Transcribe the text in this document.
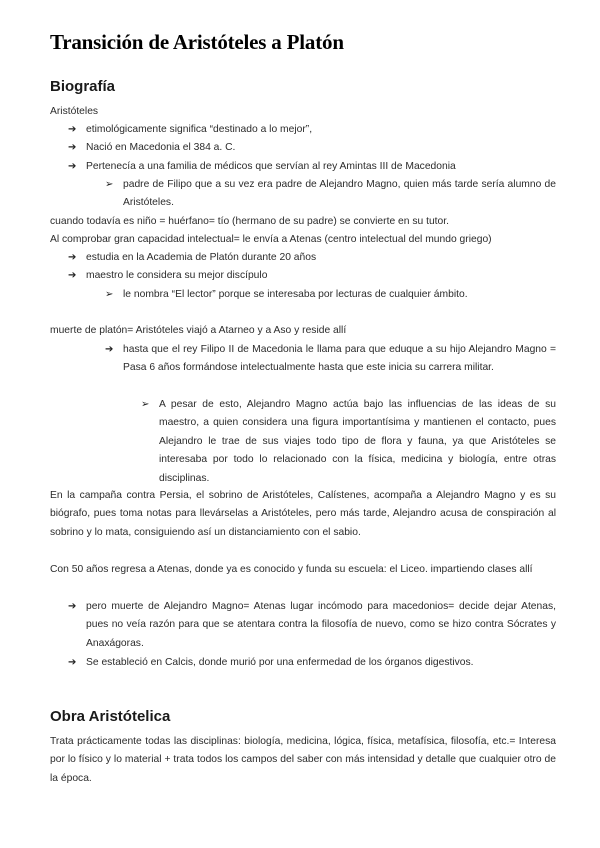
Transición de Aristóteles a Platón
Biografía

Aristóteles

➔ etimológicamente significa “destinado a lo mejor”,
➔ Nació en Macedonia el 384 a. C.
➔ Pertenecía a una familia de médicos que servían al rey Amintas III de Macedonia
➢ padre de Filipo que a su vez era padre de Alejandro Magno, quien más tarde sería alumno de Aristóteles.

cuando todavía es niño = huérfano= tío (hermano de su padre) se convierte en su tutor.

Al comprobar gran capacidad intelectual= le envía a Atenas (centro intelectual del mundo griego)

➔ estudia en la Academia de Platón durante 20 años
➔ maestro le considera su mejor discípulo
➢ le nombra “El lector” porque se interesaba por lecturas de cualquier ámbito.

muerte de platón= Aristóteles viajó a Atarneo y a Aso y reside allí

➔ hasta que el rey Filipo II de Macedonia le llama para que eduque a su hijo Alejandro Magno = Pasa 6 años formándose intelectualmente hasta que este inicia su carrera militar.
➢ A pesar de esto, Alejandro Magno actúa bajo las influencias de las ideas de su maestro, a quien considera una figura importantísima y mantienen el contacto, pues Alejandro le trae de sus viajes todo tipo de flora y fauna, ya que Aristóteles se interesaba por todo lo relacionado con la física, medicina y biología, entre otras disciplinas.

En la campaña contra Persia, el sobrino de Aristóteles, Calístenes, acompaña a Alejandro Magno y es su biógrafo, pues toma notas para llevárselas a Aristóteles, pero más tarde, Alejandro acusa de conspiración al sobrino y lo mata, consiguiendo así un distanciamiento con el sabio.

Con 50 años regresa a Atenas, donde ya es conocido y funda su escuela: el Liceo. impartiendo clases allí

➔ pero muerte de Alejandro Magno= Atenas lugar incómodo para macedonios= decide dejar Atenas, pues no veía razón para que se atentara contra la filosofía de nuevo, como se hizo contra Sócrates y Anaxágoras.
➔ Se estableció en Calcis, donde murió por una enfermedad de los órganos digestivos.
Obra Aristótelica

Trata prácticamente todas las disciplinas: biología, medicina, lógica, física, metafísica, filosofía, etc.= Interesa por lo físico y lo material + trata todos los campos del saber con más intensidad y detalle que cualquier otro de la época.
